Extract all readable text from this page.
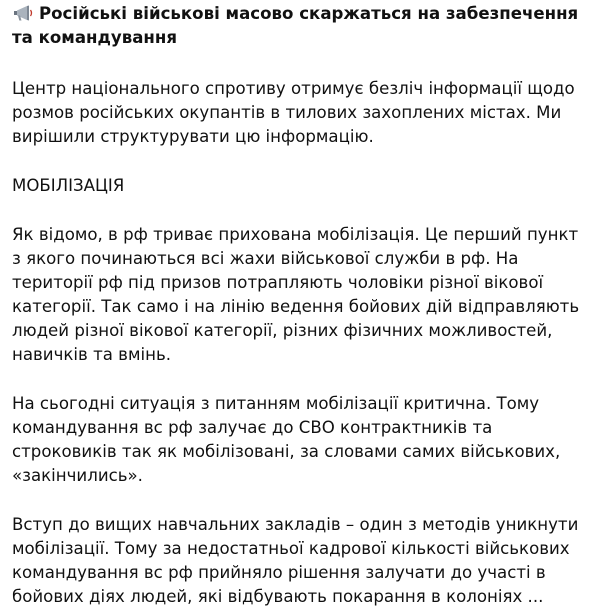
Російські військові масово скаржаться на забезпечення та командування

Центр національного спротиву отримує безліч інформації щодо розмов російських окупантів в тилових захоплених містах. Ми вирішили структурувати цю інформацію.

МОБІЛІЗАЦІЯ

Як відомо, в рф триває прихована мобілізація. Це перший пункт з якого починаються всі жахи військової служби в рф. На території рф під призов потрапляють чоловіки різної вікової категорії. Так само і на лінію ведення бойових дій відправляють людей різної вікової категорії, різних фізичних можливостей, навичків та вмінь.

На сьогодні ситуація з питанням мобілізації критична. Тому командування вс рф залучає до СВО контрактників та строковиків так як мобілізовані, за словами самих військових, «закінчились».

Вступ до вищих навчальних закладів – один з методів уникнути мобілізації. Тому за недостатньої кадрової кількості військових командування вс рф прийняло рішення залучати до участі в бойових діях людей, які відбувають покарання в колоніях ...
